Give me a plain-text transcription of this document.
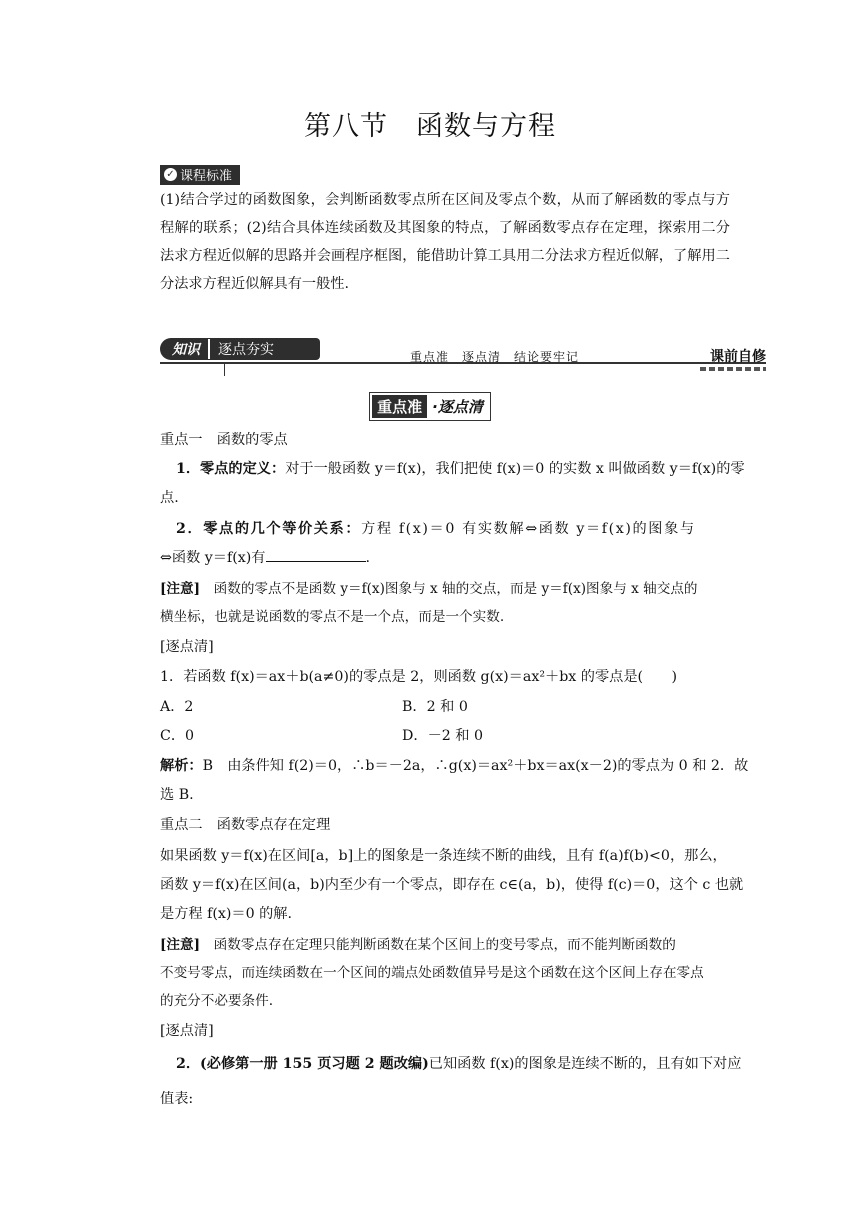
第八节　函数与方程
✓ 课程标准
(1)结合学过的函数图象，会判断函数零点所在区间及零点个数，从而了解函数的零点与方程解的联系；(2)结合具体连续函数及其图象的特点，了解函数零点存在定理，探索用二分法求方程近似解的思路并会画程序框图，能借助计算工具用二分法求方程近似解，了解用二分法求方程近似解具有一般性.
知识	逐点夯实	重点准　逐点清　结论要牢记	课前自修
重点准 ·逐点清
重点一　函数的零点
1．零点的定义：对于一般函数 y＝f(x)，我们把使 f(x)＝0 的实数 x 叫做函数 y＝f(x)的零
点.
2．零点的几个等价关系：方程 f(x)＝0 有实数解⇔函数 y＝f(x)的图象与
⇔函数 y＝f(x)有	.
[注意]　函数的零点不是函数 y＝f(x)图象与 x 轴的交点，而是 y＝f(x)图象与 x 轴交点的
横坐标，也就是说函数的零点不是一个点，而是一个实数.
[逐点清]
1．若函数 f(x)＝ax＋b(a≠0)的零点是 2，则函数 g(x)＝ax²＋bx 的零点是(　　)
A．2	B．2 和 0
C．0	D．－2 和 0
解析：B　由条件知 f(2)＝0，∴b＝－2a，∴g(x)＝ax²＋bx＝ax(x－2)的零点为 0 和 2．故
选 B.
重点二　函数零点存在定理
如果函数 y＝f(x)在区间[a，b]上的图象是一条连续不断的曲线，且有 f(a)f(b)<0，那么，
函数 y＝f(x)在区间(a，b)内至少有一个零点，即存在 c∈(a，b)，使得 f(c)＝0，这个 c 也就
是方程 f(x)＝0 的解.
[注意]　函数零点存在定理只能判断函数在某个区间上的变号零点，而不能判断函数的
不变号零点，而连续函数在一个区间的端点处函数值异号是这个函数在这个区间上存在零点
的充分不必要条件.
[逐点清]
2．(必修第一册 155 页习题 2 题改编)已知函数 f(x)的图象是连续不断的，且有如下对应
值表:
